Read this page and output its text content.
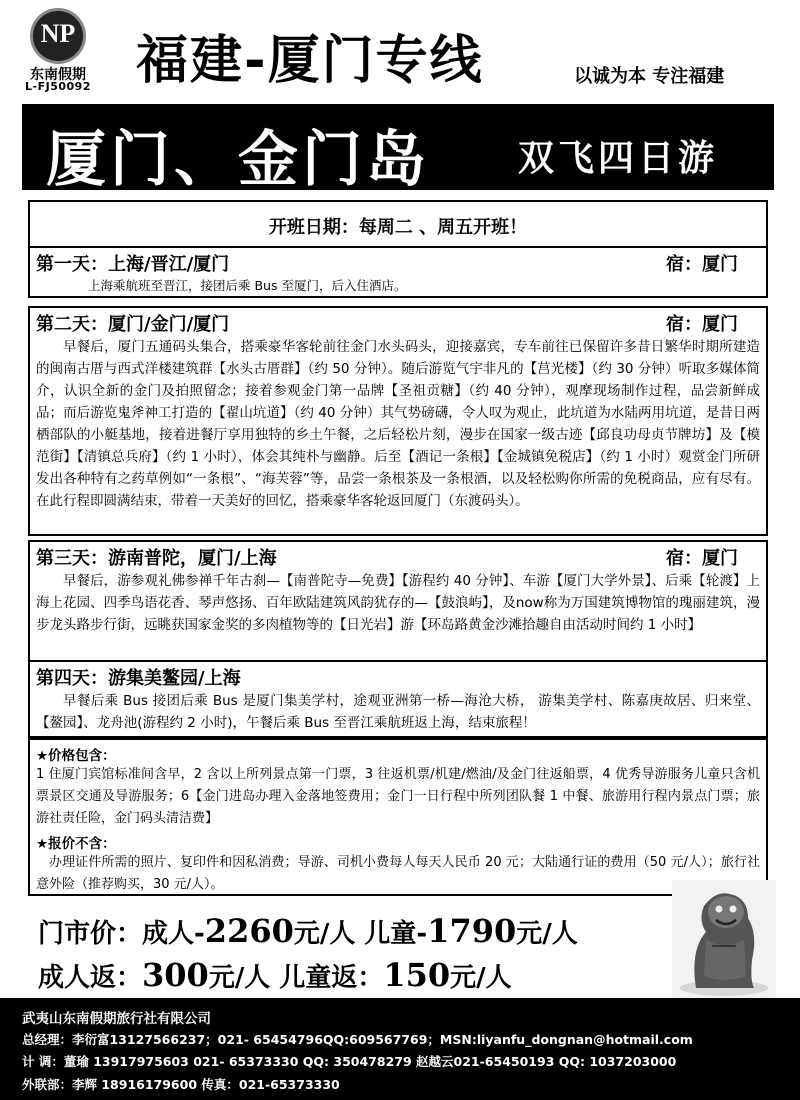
NP
东南假期
L-FJ50092 福建-厦门专线	以诚为本 专注福建
厦门、金门岛 双飞四日游
开班日期：每周二 、周五开班！
第一天：上海/晋江/厦门	宿：厦门
上海乘航班至晋江，接团后乘 Bus 至厦门，后入住酒店。
第二天：厦门/金门/厦门	宿：厦门
早餐后，厦门五通码头集合，搭乘豪华客轮前往金门水头码头，迎接嘉宾，专车前往已保留许多昔日繁华时期所建造的闽南古厝与西式洋楼建筑群【水头古厝群】（约 50 分钟）。随后游览气宇非凡的【莒光楼】（约 30 分钟）听取多媒体简介，认识全新的金门及拍照留念；接着参观金门第一品牌【圣祖贡糖】（约 40 分钟），观摩现场制作过程，品尝新鲜成品；而后游览鬼斧神工打造的【翟山坑道】（约 40 分钟）其气势磅礴，令人叹为观止，此坑道为水陆两用坑道，是昔日两栖部队的小艇基地，接着进餐厅享用独特的乡土午餐，之后轻松片刻，漫步在国家一级古迹【邱良功母贞节牌坊】及【模范街】【清镇总兵府】（约 1 小时），体会其纯朴与幽静。后至【酒记一条根】【金城镇免税店】（约 1 小时）观赏金门所研发出各种特有之药草例如“一条根”、“海芙蓉”等，品尝一条根茶及一条根酒，以及轻松购你所需的免税商品，应有尽有。在此行程即圆满结束，带着一天美好的回忆，搭乘豪华客轮返回厦门（东渡码头）。
第三天：游南普陀，厦门/上海	宿：厦门
早餐后，游参观礼佛参禅千年古刹—【南普陀寺—免费】【游程约 40 分钟】、车游【厦门大学外景】、后乘【轮渡】上海上花园、四季鸟语花香、琴声悠扬、百年欧陆建筑风韵犹存的—【鼓浪屿】，及now称为万国建筑博物馆的瑰丽建筑，漫步龙头路步行街，远眺获国家金奖的多肉植物等的【日光岩】游【环岛路黄金沙滩拾趣自由活动时间约 1 小时】
第四天：游集美鳌园/上海
早餐后乘 Bus 接团后乘 Bus 是厦门集美学村，途观亚洲第一桥—海沧大桥， 游集美学村、陈嘉庚故居、归来堂、【鳌园】、龙舟池(游程约 2 小时)，午餐后乘 Bus 至晋江乘航班返上海，结束旅程！
★价格包含：
1 住厦门宾馆标准间含早，2 含以上所列景点第一门票，3 往返机票/机建/燃油/及金门往返船票，4 优秀导游服务儿童只含机票景区交通及导游服务；6【金门进岛办理入金落地签费用；金门一日行程中所列团队餐 1 中餐、旅游用行程内景点门票；旅游社责任险，金门码头清洁费】
★报价不含：
办理证件所需的照片、复印件和因私消费；导游、司机小费每人每天人民币 20 元；大陆通行证的费用（50 元/人）；旅行社意外险（推荐购买，30 元/人）。
门市价：成人-2260元/人 儿童-1790元/人
成人返：300元/人 儿童返：150元/人
武夷山东南假期旅行社有限公司
总经理：李衍富13127566237；021- 65454796QQ:609567769；MSN:liyanfu_dongnan@hotmail.com
计 调：董瑜 13917975603 021- 65373330 QQ: 350478279 赵越云021-65450193 QQ: 1037203000
外联部：李辉 18916179600 传真：021-65373330
